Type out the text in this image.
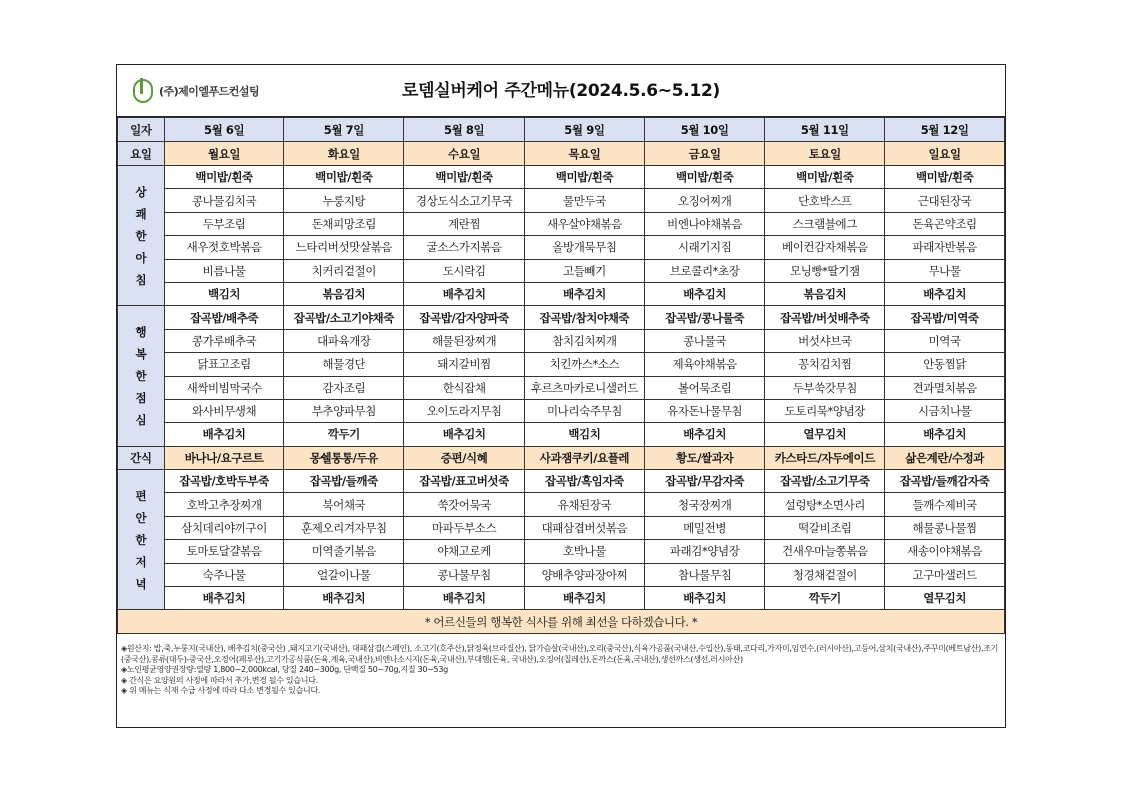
(주)제이엘푸드컨설팅	로뎀실버케어 주간메뉴(2024.5.6~5.12)
일자	5월 6일	5월 7일	5월 8일	5월 9일	5월 10일	5월 11일	5월 12일
요일	월요일	화요일	수요일	목요일	금요일	토요일	일요일
상쾌한아침	백미밥/흰죽	백미밥/흰죽	백미밥/흰죽	백미밥/흰죽	백미밥/흰죽	백미밥/흰죽	백미밥/흰죽
	콩나물김치국	누룽지탕	경상도식소고기무국	물만두국	오징어찌개	단호박스프	근대된장국
	두부조림	돈채피망조림	계란찜	새우살야채볶음	비엔나야채볶음	스크램블에그	돈육곤약조림
	새우젓호박볶음	느타리버섯맛살볶음	굴소스가지볶음	올방개묵무침	시래기지짐	베이컨감자채볶음	파래자반볶음
	비름나물	치커리겉절이	도시락김	고들빼기	브로콜리*초장	모닝빵*딸기잼	무나물
	백김치	볶음김치	배추김치	배추김치	배추김치	볶음김치	배추김치
행복한점심	잡곡밥/배추죽	잡곡밥/소고기야채죽	잡곡밥/감자양파죽	잡곡밥/참치야채죽	잡곡밥/콩나물죽	잡곡밥/버섯배추죽	잡곡밥/미역죽
	콩가루배추국	대파육개장	해물된장찌개	참치김치찌개	콩나물국	버섯샤브국	미역국
	닭표고조림	해물경단	돼지갈비찜	치킨까스*소스	제육야채볶음	꽁치김치찜	안동찜닭
	새싹비빔막국수	감자조림	한식잡채	후르츠마카로니샐러드	볼어묵조림	두부쑥갓무침	견과멸치볶음
	와사비무생채	부추양파무침	오이도라지무침	미나리숙주무침	유자돈나물무침	도토리묵*양념장	시금치나물
	배추김치	깍두기	배추김치	백김치	배추김치	열무김치	배추김치
간식	바나나/요구르트	몽쉘통통/두유	증편/식혜	사과잼쿠키/요플레	황도/쌀과자	카스타드/자두에이드	삶은계란/수정과
편안한저녁	잡곡밥/호박두부죽	잡곡밥/들깨죽	잡곡밥/표고버섯죽	잡곡밥/흑임자죽	잡곡밥/무감자죽	잡곡밥/소고기무죽	잡곡밥/들깨감자죽
	호박고추장찌개	북어채국	쑥갓어묵국	유채된장국	청국장찌개	설렁탕*소면사리	들깨수제비국
	삼치데리야끼구이	훈제오리겨자무침	마파두부소스	대패삼겹버섯볶음	메밀전병	떡갈비조림	해물콩나물찜
	토마토달걀볶음	미역줄기볶음	야채고로케	호박나물	파래김*양념장	건새우마늘쫑볶음	새송이야채볶음
	숙주나물	얼갈이나물	콩나물무침	양배추양파장아찌	참나물무침	청경채겉절이	고구마샐러드
	배추김치	배추김치	배추김치	배추김치	배추김치	깍두기	열무김치
* 어르신들의 행복한 식사를 위해 최선을 다하겠습니다. *							
◈원산지: 밥,죽,누룽지(국내산), 배추김치(중국산) ,돼지고기(국내산), 대패삼겹(스페인), 소고기(호주산),닭정육(브라질산), 닭가슴살(국내산),오리(중국산),식육가공품(국내산,수입산),동태,코다리,가자미,임연수,(러시아산),고등어,삼치(국내산),주꾸미(베트남산),조기(중국산),콩류(대두)-중국산,오징어(페루산),고기가공식품(돈육,계육,국내산),비엔나소시지(돈육,국내산),부대햄(돈육, 국내산),오징어(칠레산),돈까스(돈육,국내산),생선까스(생선,러시아산)
◈노인평균영양권장량:열량 1,800~2,000kcal, 당질 240~300g, 단백질 50~70g,지질 30~53g
◈ 간식은 요양원의 사정에 따라서 추가,변경 될수 있습니다.
◈ 위 메뉴는 식재 수급 사정에 따라 다소 변경될수 있습니다.
